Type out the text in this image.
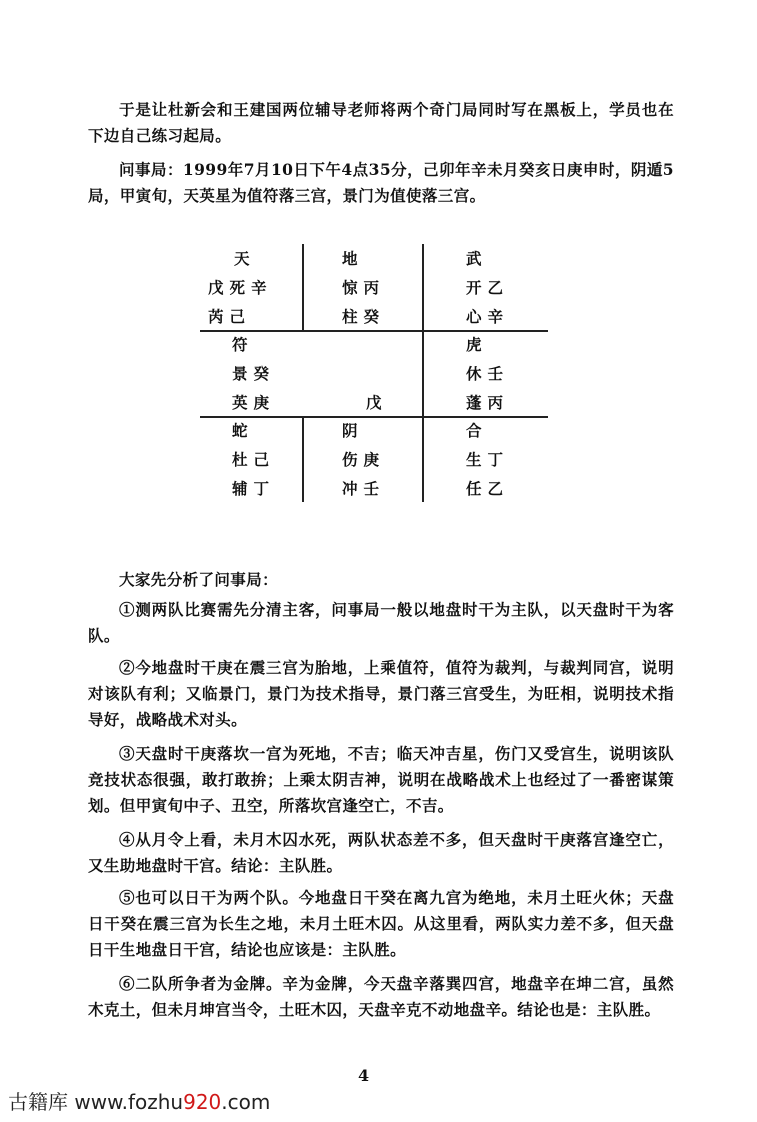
于是让杜新会和王建国两位辅导老师将两个奇门局同时写在黑板上，学员也在下边自己练习起局。

问事局：1999年7月10日下午4点35分，己卯年辛未月癸亥日庚申时，阴遁5局，甲寅旬，天英星为值符落三宫，景门为值使落三宫。

天
戊死辛
芮己
地
惊丙
柱癸
武
开乙
心辛
符
景癸
英庚	戊
虎
休壬
蓬丙
蛇
杜己
辅丁
阴
伤庚
冲壬
合
生丁
任乙

大家先分析了问事局：

①测两队比赛需先分清主客，问事局一般以地盘时干为主队，以天盘时干为客队。

②今地盘时干庚在震三宫为胎地，上乘值符，值符为裁判，与裁判同宫，说明对该队有利；又临景门，景门为技术指导，景门落三宫受生，为旺相，说明技术指导好，战略战术对头。

③天盘时干庚落坎一宫为死地，不吉；临天冲吉星，伤门又受宫生，说明该队竞技状态很强，敢打敢拚；上乘太阴吉神，说明在战略战术上也经过了一番密谋策划。但甲寅旬中子、丑空，所落坎宫逢空亡，不吉。

④从月令上看，未月木囚水死，两队状态差不多，但天盘时干庚落宫逢空亡，又生助地盘时干宫。结论：主队胜。

⑤也可以日干为两个队。今地盘日干癸在离九宫为绝地，未月土旺火休；天盘日干癸在震三宫为长生之地，未月土旺木囚。从这里看，两队实力差不多，但天盘日干生地盘日干宫，结论也应该是：主队胜。

⑥二队所争者为金牌。辛为金牌，今天盘辛落巽四宫，地盘辛在坤二宫，虽然木克土，但未月坤宫当令，土旺木囚，天盘辛克不动地盘辛。结论也是：主队胜。

4
古籍库 www.fozhu920.com
